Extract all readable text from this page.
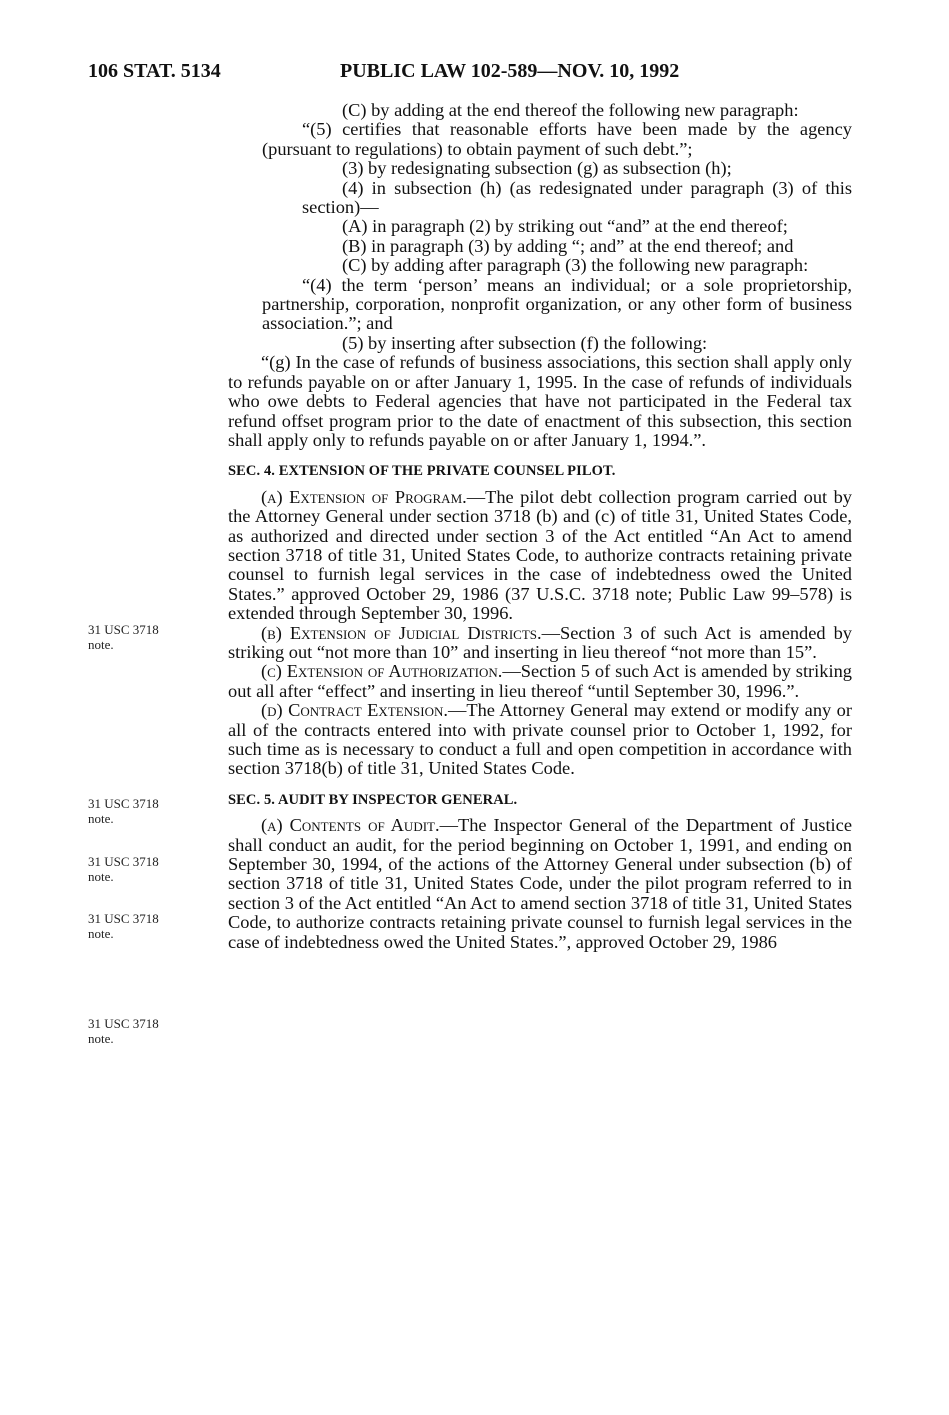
106 STAT. 5134	PUBLIC LAW 102-589—NOV. 10, 1992
31 USC 3718
note.
31 USC 3718
note.
31 USC 3718
note.
31 USC 3718
note.
31 USC 3718
note.

(C) by adding at the end thereof the following new paragraph:

“(5) certifies that reasonable efforts have been made by the agency (pursuant to regulations) to obtain payment of such debt.”;

(3) by redesignating subsection (g) as subsection (h);

(4) in subsection (h) (as redesignated under paragraph (3) of this section)—

(A) in paragraph (2) by striking out “and” at the end thereof;

(B) in paragraph (3) by adding “; and” at the end thereof; and

(C) by adding after paragraph (3) the following new paragraph:

“(4) the term ‘person’ means an individual; or a sole proprietorship, partnership, corporation, nonprofit organization, or any other form of business association.”; and

(5) by inserting after subsection (f) the following:

“(g) In the case of refunds of business associations, this section shall apply only to refunds payable on or after January 1, 1995. In the case of refunds of individuals who owe debts to Federal agencies that have not participated in the Federal tax refund offset program prior to the date of enactment of this subsection, this section shall apply only to refunds payable on or after January 1, 1994.”.

SEC. 4. EXTENSION OF THE PRIVATE COUNSEL PILOT.

(a) Extension of Program.—The pilot debt collection program carried out by the Attorney General under section 3718 (b) and (c) of title 31, United States Code, as authorized and directed under section 3 of the Act entitled “An Act to amend section 3718 of title 31, United States Code, to authorize contracts retaining private counsel to furnish legal services in the case of indebtedness owed the United States.” approved October 29, 1986 (37 U.S.C. 3718 note; Public Law 99–578) is extended through September 30, 1996.

(b) Extension of Judicial Districts.—Section 3 of such Act is amended by striking out “not more than 10” and inserting in lieu thereof “not more than 15”.

(c) Extension of Authorization.—Section 5 of such Act is amended by striking out all after “effect” and inserting in lieu thereof “until September 30, 1996.”.

(d) Contract Extension.—The Attorney General may extend or modify any or all of the contracts entered into with private counsel prior to October 1, 1992, for such time as is necessary to conduct a full and open competition in accordance with section 3718(b) of title 31, United States Code.

SEC. 5. AUDIT BY INSPECTOR GENERAL.

(a) Contents of Audit.—The Inspector General of the Department of Justice shall conduct an audit, for the period beginning on October 1, 1991, and ending on September 30, 1994, of the actions of the Attorney General under subsection (b) of section 3718 of title 31, United States Code, under the pilot program referred to in section 3 of the Act entitled “An Act to amend section 3718 of title 31, United States Code, to authorize contracts retaining private counsel to furnish legal services in the case of indebtedness owed the United States.”, approved October 29, 1986
